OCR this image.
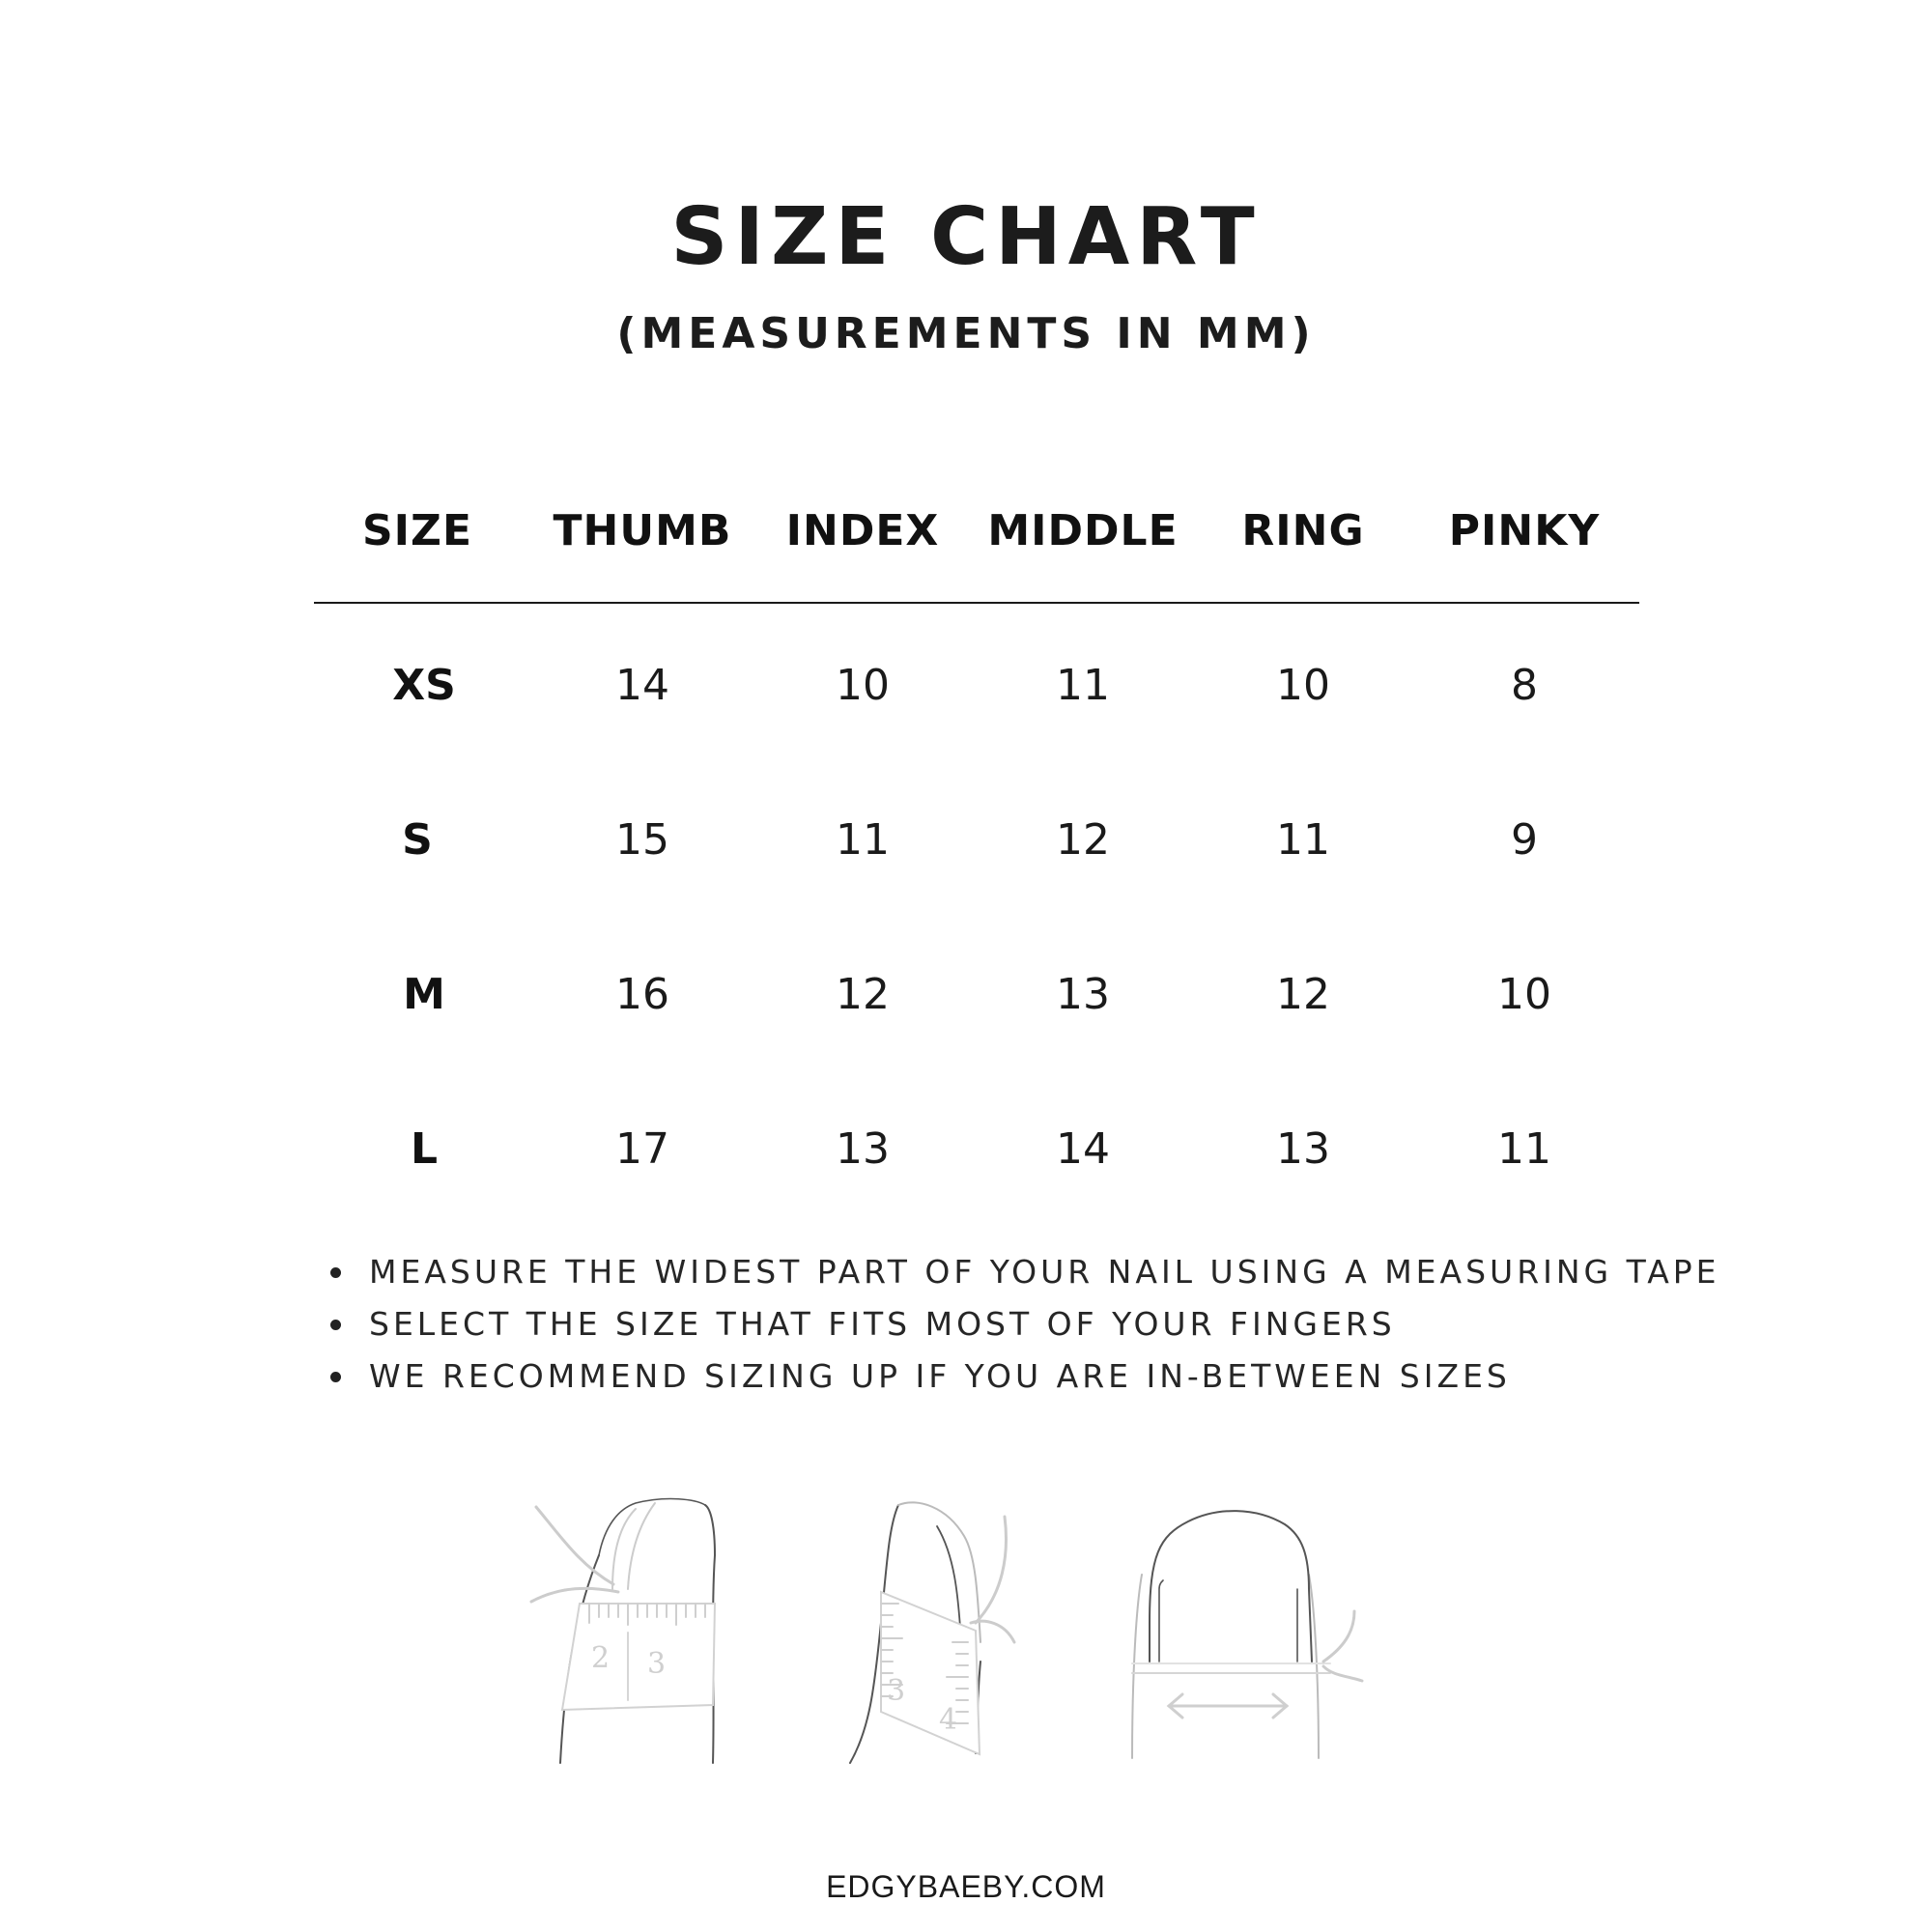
SIZE CHART
(MEASUREMENTS IN MM)
SIZE	THUMB	INDEX	MIDDLE	RING	PINKY
XS	14	10	11	10	8
S	15	11	12	11	9
M	16	12	13	12	10
L	17	13	14	13	11
MEASURE THE WIDEST PART OF YOUR NAIL USING A MEASURING TAPE
SELECT THE SIZE THAT FITS MOST OF YOUR FINGERS
WE RECOMMEND SIZING UP IF YOU ARE IN-BETWEEN SIZES
2 3
3
4
EDGYBAEBY.COM
